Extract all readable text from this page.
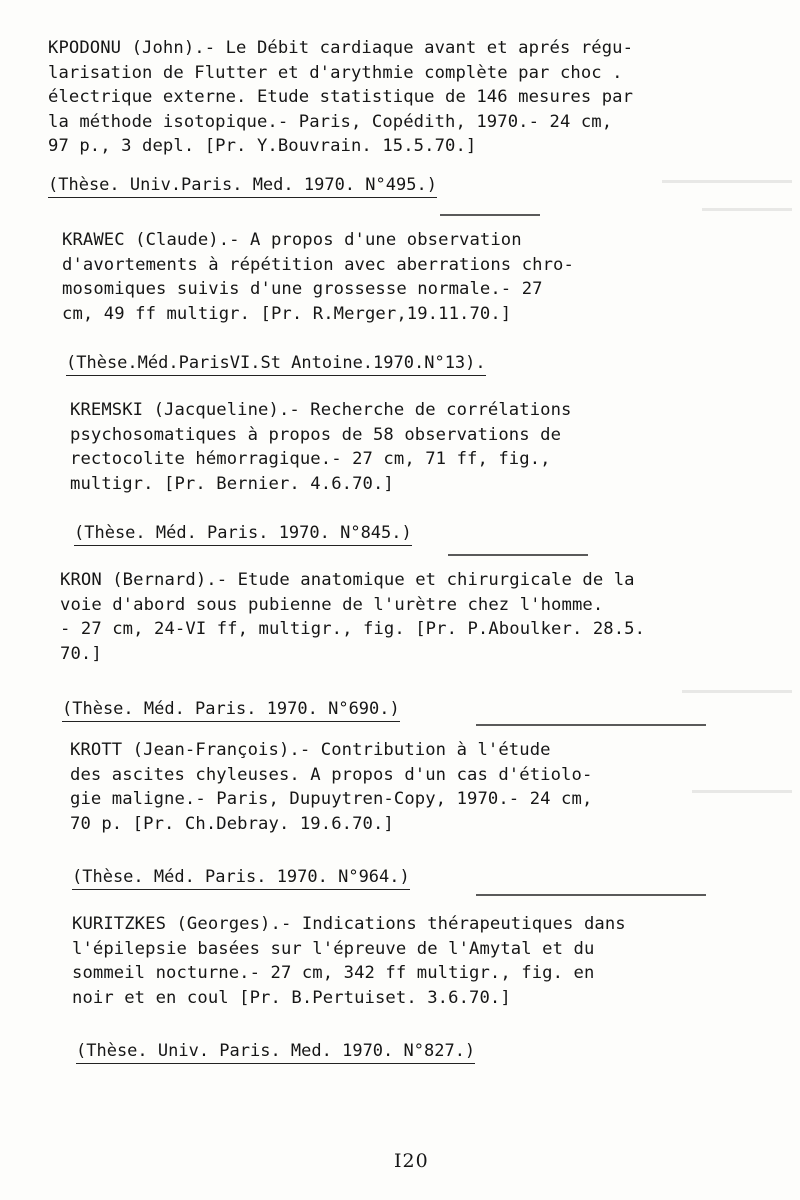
KPODONU (John).- Le Débit cardiaque avant et aprés régu-
larisation de Flutter et d'arythmie complète par choc .
électrique externe. Etude statistique de 146 mesures par
la méthode isotopique.- Paris, Copédith, 1970.- 24 cm,
97 p., 3 depl. [Pr. Y.Bouvrain. 15.5.70.]
(Thèse. Univ.Paris. Med. 1970. N°495.)
KRAWEC (Claude).- A propos d'une observation
d'avortements à répétition avec aberrations chro-
mosomiques suivis d'une grossesse normale.- 27
cm, 49 ff multigr. [Pr. R.Merger,19.11.70.]
(Thèse.Méd.ParisVI.St Antoine.1970.N°13).
KREMSKI (Jacqueline).- Recherche de corrélations
psychosomatiques à propos de 58 observations de
rectocolite hémorragique.- 27 cm, 71 ff, fig.,
multigr. [Pr. Bernier. 4.6.70.]
(Thèse. Méd. Paris. 1970. N°845.)
KRON (Bernard).- Etude anatomique et chirurgicale de la
voie d'abord sous pubienne de l'urètre chez l'homme.
- 27 cm, 24-VI ff, multigr., fig. [Pr. P.Aboulker. 28.5.
70.]
(Thèse. Méd. Paris. 1970. N°690.)
KROTT (Jean-François).- Contribution à l'étude
des ascites chyleuses. A propos d'un cas d'étiolo-
gie maligne.- Paris, Dupuytren-Copy, 1970.- 24 cm,
70 p. [Pr. Ch.Debray. 19.6.70.]
(Thèse. Méd. Paris. 1970. N°964.)
KURITZKES (Georges).- Indications thérapeutiques dans
l'épilepsie basées sur l'épreuve de l'Amytal et du
sommeil nocturne.- 27 cm, 342 ff multigr., fig. en
noir et en coul [Pr. B.Pertuiset. 3.6.70.]
(Thèse. Univ. Paris. Med. 1970. N°827.)
I20
